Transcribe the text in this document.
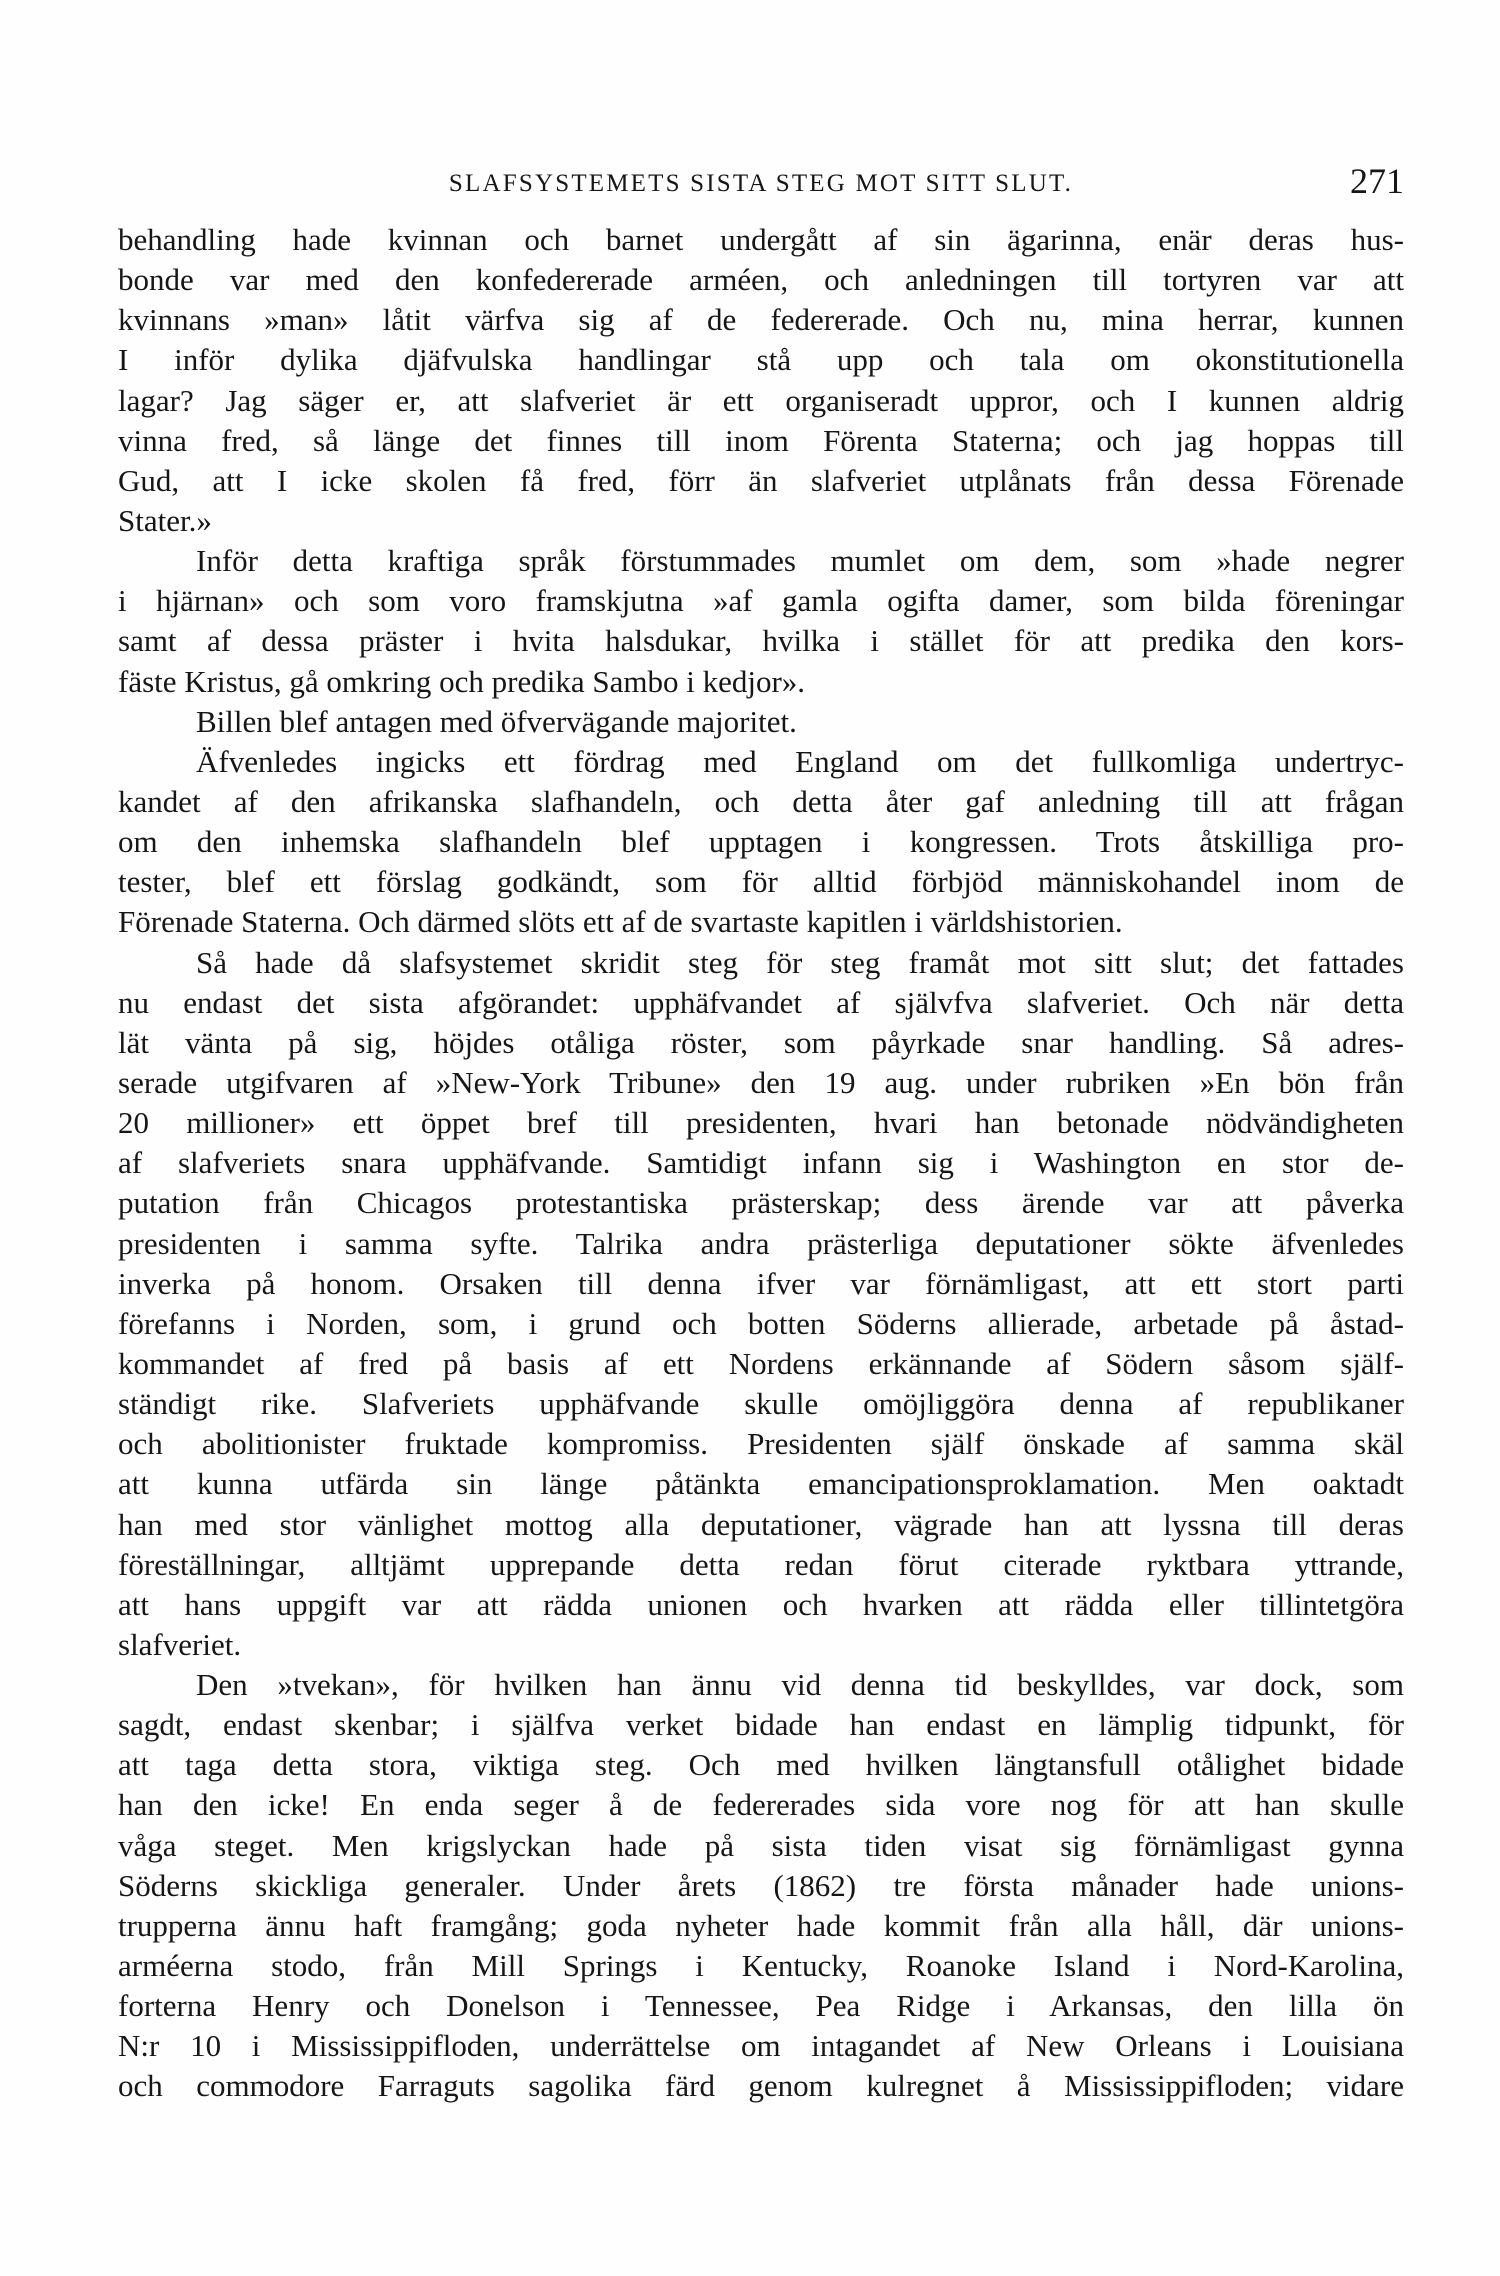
SLAFSYSTEMETS SISTA STEG MOT SITT SLUT.	271
behandling hade kvinnan och barnet undergått af sin ägarinna, enär deras hus-
bonde var med den konfedererade arméen, och anledningen till tortyren var att
kvinnans »man» låtit värfva sig af de federerade. Och nu, mina herrar, kunnen
I inför dylika djäfvulska handlingar stå upp och tala om okonstitutionella
lagar? Jag säger er, att slafveriet är ett organiseradt uppror, och I kunnen aldrig
vinna fred, så länge det finnes till inom Förenta Staterna; och jag hoppas till
Gud, att I icke skolen få fred, förr än slafveriet utplånats från dessa Förenade
Stater.»
Inför detta kraftiga språk förstummades mumlet om dem, som »hade negrer
i hjärnan» och som voro framskjutna »af gamla ogifta damer, som bilda föreningar
samt af dessa präster i hvita halsdukar, hvilka i stället för att predika den kors-
fäste Kristus, gå omkring och predika Sambo i kedjor».
Billen blef antagen med öfvervägande majoritet.
Äfvenledes ingicks ett fördrag med England om det fullkomliga undertryc-
kandet af den afrikanska slafhandeln, och detta åter gaf anledning till att frågan
om den inhemska slafhandeln blef upptagen i kongressen. Trots åtskilliga pro-
tester, blef ett förslag godkändt, som för alltid förbjöd människohandel inom de
Förenade Staterna. Och därmed slöts ett af de svartaste kapitlen i världshistorien.
Så hade då slafsystemet skridit steg för steg framåt mot sitt slut; det fattades
nu endast det sista afgörandet: upphäfvandet af självfva slafveriet. Och när detta
lät vänta på sig, höjdes otåliga röster, som påyrkade snar handling. Så adres-
serade utgifvaren af »New-York Tribune» den 19 aug. under rubriken »En bön från
20 millioner» ett öppet bref till presidenten, hvari han betonade nödvändigheten
af slafveriets snara upphäfvande. Samtidigt infann sig i Washington en stor de-
putation från Chicagos protestantiska prästerskap; dess ärende var att påverka
presidenten i samma syfte. Talrika andra prästerliga deputationer sökte äfvenledes
inverka på honom. Orsaken till denna ifver var förnämligast, att ett stort parti
förefanns i Norden, som, i grund och botten Söderns allierade, arbetade på åstad-
kommandet af fred på basis af ett Nordens erkännande af Södern såsom själf-
ständigt rike. Slafveriets upphäfvande skulle omöjliggöra denna af republikaner
och abolitionister fruktade kompromiss. Presidenten själf önskade af samma skäl
att kunna utfärda sin länge påtänkta emancipationsproklamation. Men oaktadt
han med stor vänlighet mottog alla deputationer, vägrade han att lyssna till deras
föreställningar, alltjämt upprepande detta redan förut citerade ryktbara yttrande,
att hans uppgift var att rädda unionen och hvarken att rädda eller tillintetgöra
slafveriet.
Den »tvekan», för hvilken han ännu vid denna tid beskylldes, var dock, som
sagdt, endast skenbar; i själfva verket bidade han endast en lämplig tidpunkt, för
att taga detta stora, viktiga steg. Och med hvilken längtansfull otålighet bidade
han den icke! En enda seger å de federerades sida vore nog för att han skulle
våga steget. Men krigslyckan hade på sista tiden visat sig förnämligast gynna
Söderns skickliga generaler. Under årets (1862) tre första månader hade unions-
trupperna ännu haft framgång; goda nyheter hade kommit från alla håll, där unions-
arméerna stodo, från Mill Springs i Kentucky, Roanoke Island i Nord-Karolina,
forterna Henry och Donelson i Tennessee, Pea Ridge i Arkansas, den lilla ön
N:r 10 i Mississippifloden, underrättelse om intagandet af New Orleans i Louisiana
och commodore Farraguts sagolika färd genom kulregnet å Mississippifloden; vidare
